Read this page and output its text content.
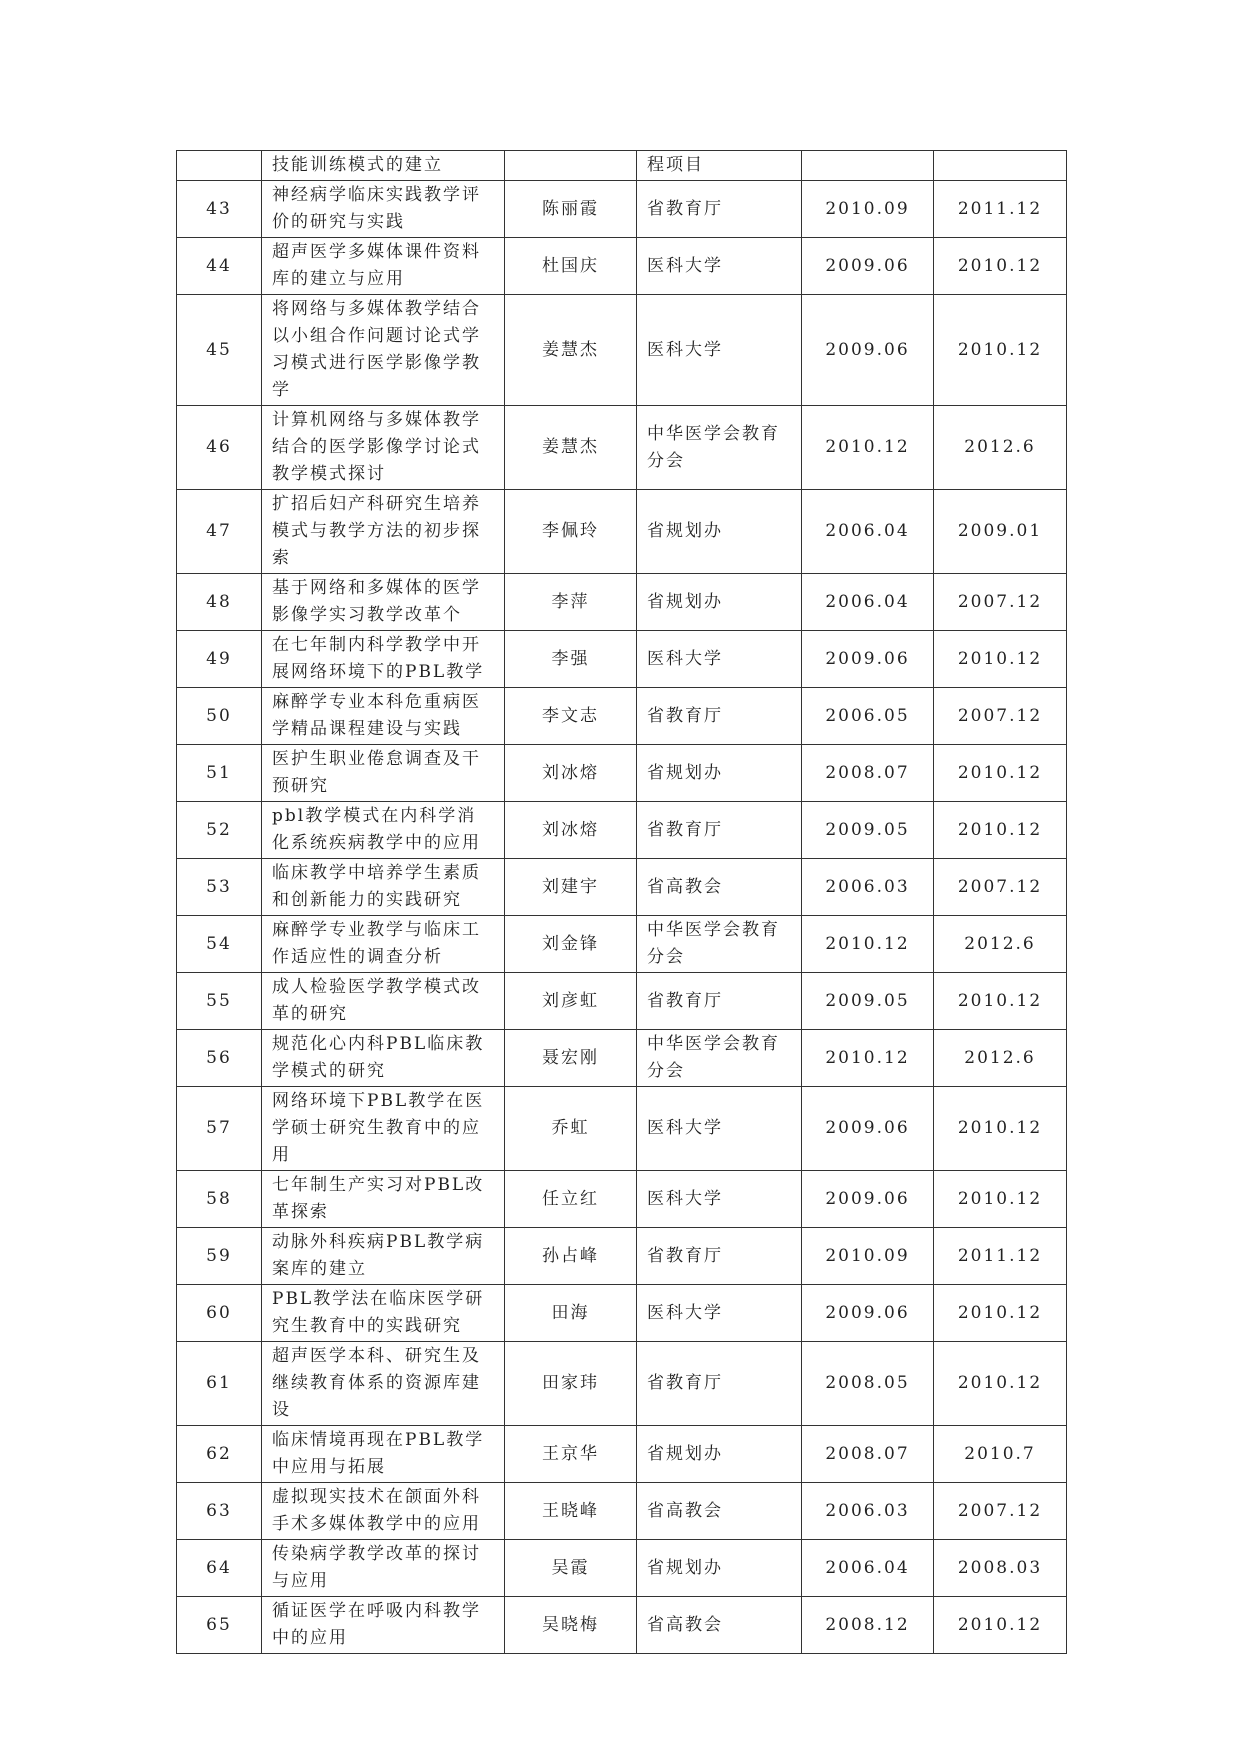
	技能训练模式的建立		程项目		
43	神经病学临床实践教学评价的研究与实践	陈丽霞	省教育厅	2010.09	2011.12
44	超声医学多媒体课件资料库的建立与应用	杜国庆	医科大学	2009.06	2010.12
45	将网络与多媒体教学结合以小组合作问题讨论式学习模式进行医学影像学教学	姜慧杰	医科大学	2009.06	2010.12
46	计算机网络与多媒体教学结合的医学影像学讨论式教学模式探讨	姜慧杰	中华医学会教育分会	2010.12	2012.6
47	扩招后妇产科研究生培养模式与教学方法的初步探索	李佩玲	省规划办	2006.04	2009.01
48	基于网络和多媒体的医学影像学实习教学改革个	李萍	省规划办	2006.04	2007.12
49	在七年制内科学教学中开展网络环境下的PBL教学	李强	医科大学	2009.06	2010.12
50	麻醉学专业本科危重病医学精品课程建设与实践	李文志	省教育厅	2006.05	2007.12
51	医护生职业倦怠调查及干预研究	刘冰熔	省规划办	2008.07	2010.12
52	pbl教学模式在内科学消化系统疾病教学中的应用	刘冰熔	省教育厅	2009.05	2010.12
53	临床教学中培养学生素质和创新能力的实践研究	刘建宇	省高教会	2006.03	2007.12
54	麻醉学专业教学与临床工作适应性的调查分析	刘金锋	中华医学会教育分会	2010.12	2012.6
55	成人检验医学教学模式改革的研究	刘彦虹	省教育厅	2009.05	2010.12
56	规范化心内科PBL临床教学模式的研究	聂宏刚	中华医学会教育分会	2010.12	2012.6
57	网络环境下PBL教学在医学硕士研究生教育中的应用	乔虹	医科大学	2009.06	2010.12
58	七年制生产实习对PBL改革探索	任立红	医科大学	2009.06	2010.12
59	动脉外科疾病PBL教学病案库的建立	孙占峰	省教育厅	2010.09	2011.12
60	PBL教学法在临床医学研究生教育中的实践研究	田海	医科大学	2009.06	2010.12
61	超声医学本科、研究生及继续教育体系的资源库建设	田家玮	省教育厅	2008.05	2010.12
62	临床情境再现在PBL教学中应用与拓展	王京华	省规划办	2008.07	2010.7
63	虚拟现实技术在颌面外科手术多媒体教学中的应用	王晓峰	省高教会	2006.03	2007.12
64	传染病学教学改革的探讨与应用	吴霞	省规划办	2006.04	2008.03
65	循证医学在呼吸内科教学中的应用	吴晓梅	省高教会	2008.12	2010.12
